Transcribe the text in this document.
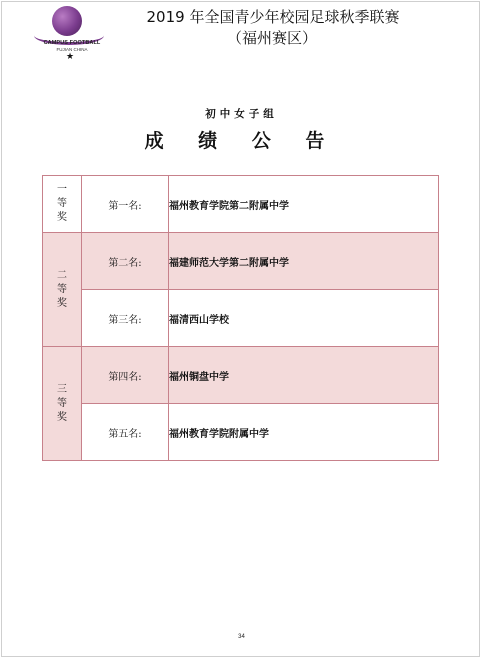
CAMPUS FOOTBALL
FUJIAN CHINA
★
2019 年全国青少年校园足球秋季联赛
（福州赛区）
初中女子组
成 绩 公 告
一
等
奖	第一名:	福州教育学院第二附属中学
二
等
奖	第二名:	福建师范大学第二附属中学
	第三名:	福清西山学校
三
等
奖	第四名:	福州铜盘中学
	第五名:	福州教育学院附属中学
34
